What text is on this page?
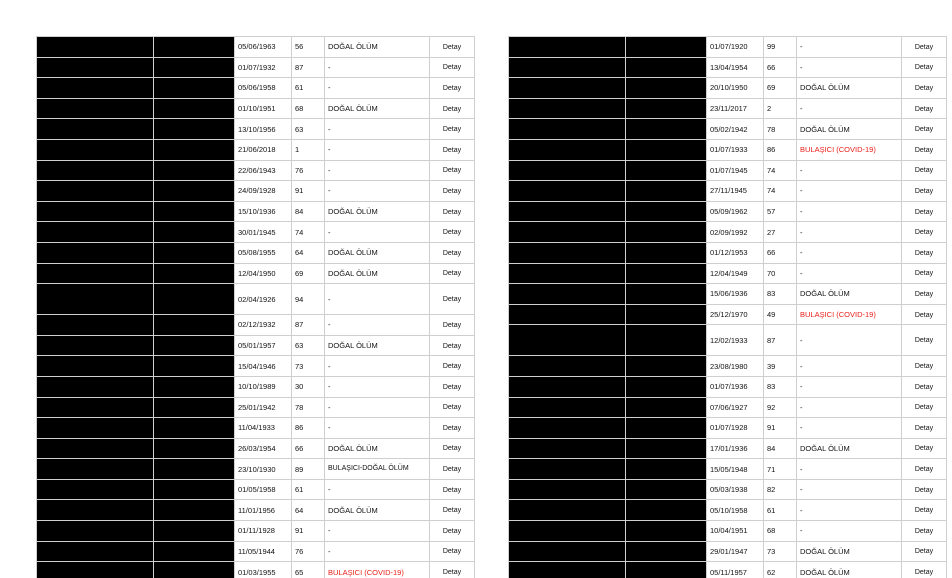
		05/06/1963	56	DOĞAL ÖLÜM	Detay
		01/07/1932	87	-	Detay
		05/06/1958	61	-	Detay
		01/10/1951	68	DOĞAL ÖLÜM	Detay
		13/10/1956	63	-	Detay
		21/06/2018	1	-	Detay
		22/06/1943	76	-	Detay
		24/09/1928	91	-	Detay
		15/10/1936	84	DOĞAL ÖLÜM	Detay
		30/01/1945	74	-	Detay
		05/08/1955	64	DOĞAL ÖLÜM	Detay
		12/04/1950	69	DOĞAL ÖLÜM	Detay
		02/04/1926	94	-	Detay
		02/12/1932	87	-	Detay
		05/01/1957	63	DOĞAL ÖLÜM	Detay
		15/04/1946	73	-	Detay
		10/10/1989	30	-	Detay
		25/01/1942	78	-	Detay
		11/04/1933	86	-	Detay
		26/03/1954	66	DOĞAL ÖLÜM	Detay
		23/10/1930	89	BULAŞICI-DOĞAL ÖLÜM	Detay
		01/05/1958	61	-	Detay
		11/01/1956	64	DOĞAL ÖLÜM	Detay
		01/11/1928	91	-	Detay
		11/05/1944	76	-	Detay
		01/03/1955	65	BULAŞICI (COVID-19)	Detay
		01/07/1920	99	-	Detay
		13/04/1954	66	-	Detay
		20/10/1950	69	DOĞAL ÖLÜM	Detay
		23/11/2017	2	-	Detay
		05/02/1942	78	DOĞAL ÖLÜM	Detay
		01/07/1933	86	BULAŞICI (COVID-19)	Detay
		01/07/1945	74	-	Detay
		27/11/1945	74	-	Detay
		05/09/1962	57	-	Detay
		02/09/1992	27	-	Detay
		01/12/1953	66	-	Detay
		12/04/1949	70	-	Detay
		15/06/1936	83	DOĞAL ÖLÜM	Detay
		25/12/1970	49	BULAŞICI (COVID-19)	Detay
		12/02/1933	87	-	Detay
		23/08/1980	39	-	Detay
		01/07/1936	83	-	Detay
		07/06/1927	92	-	Detay
		01/07/1928	91	-	Detay
		17/01/1936	84	DOĞAL ÖLÜM	Detay
		15/05/1948	71	-	Detay
		05/03/1938	82	-	Detay
		05/10/1958	61	-	Detay
		10/04/1951	68	-	Detay
		29/01/1947	73	DOĞAL ÖLÜM	Detay
		05/11/1957	62	DOĞAL ÖLÜM	Detay
